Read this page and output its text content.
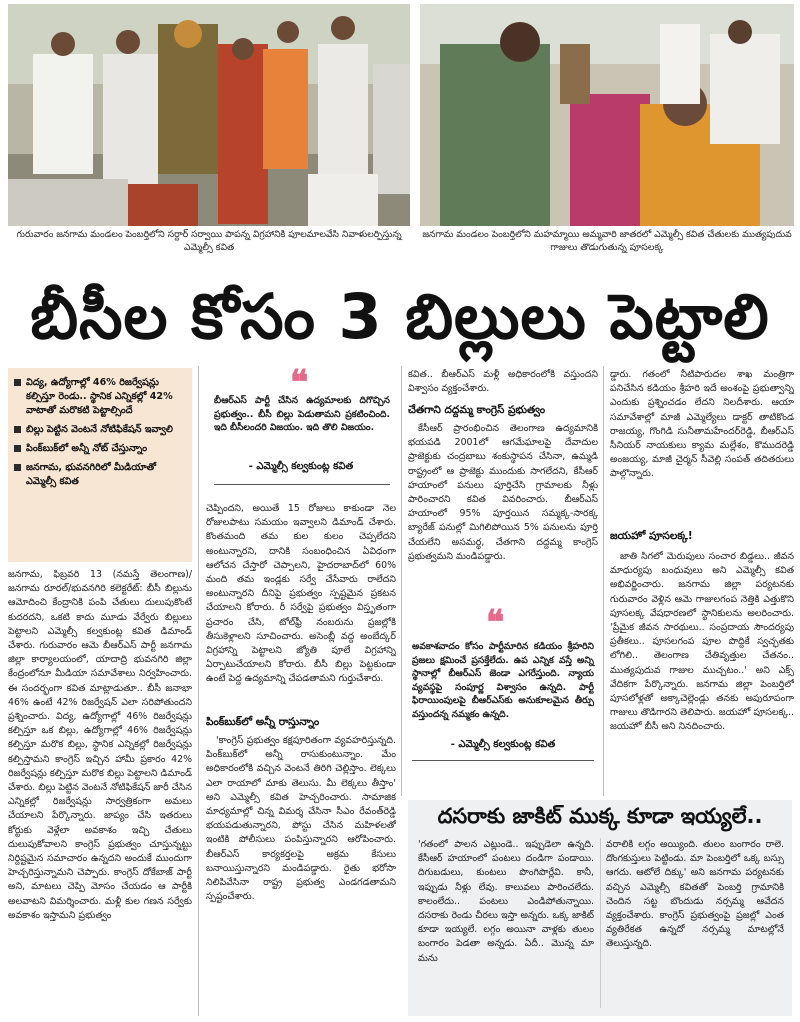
గురువారం జనగామ మండలం పెంబర్తిలోని సర్దార్ సర్వాయి పాపన్న విగ్రహానికి పూలమాలవేసి నివాళులర్పిస్తున్న ఎమ్మెల్సీ కవిత
జనగామ మండలం పెంబర్తిలోని మహమ్మాయి అమ్మవారి జాతరలో ఎమ్మెల్సీ కవిత చేతులకు ముత్యపుదువ గాజులు తొడుగుతున్న పూసలక్క
బీసీల కోసం 3 బిల్లులు పెట్టాలి
విద్య, ఉద్యోగాల్లో 46% రిజర్వేషన్లు కల్పిస్తూ రెండు.. స్థానిక ఎన్నికల్లో 42% వాటాతో మరొకటి పెట్టాల్సిందే
బిల్లు పెట్టిన వెంటనే నోటిఫికేషన్ ఇవ్వాలి
పింక్‌బుక్‌లో అన్నీ నోట్ చేస్తున్నాం
జనగామ, భువనగిరిలో మీడియాతో ఎమ్మెల్సీ కవిత

జనగామ, ఫిబ్రవరి 13 (నమస్తే తెలంగాణ)/జనగామ రూరల్/భువనగిరి కలెక్టరేట్: బీసీ బిల్లును ఆమోదించి కేంద్రానికి పంపి చేతులు దులుపుకొంటే కుదరదని, ఒకటి కాదు మూడు వేర్వేరు బిల్లులు పెట్టాలని ఎమ్మెల్సీ కల్వకుంట్ల కవిత డిమాండ్ చేశారు. గురువారం ఆమె బీఆర్‌ఎస్ పార్టీ జనగామ జిల్లా కార్యాలయంలో, యాదాద్రి భువనగిరి జిల్లా కేంద్రంలోనూ మీడియా సమావేశాలు నిర్వహించారు. ఈ సందర్భంగా కవిత మాట్లాడుతూ.. బీసీ జనాభా 46% ఉంటే 42% రిజర్వేషన్ ఎలా సరిపోతుందని ప్రశ్నించారు. విద్య, ఉద్యోగాల్లో 46% రిజర్వేషన్లు కల్పిస్తూ ఒక బిల్లు, ఉద్యోగాల్లో 46% రిజర్వేషన్లు కల్పిస్తూ మరొక బిల్లు, స్థానిక ఎన్నికల్లో రిజర్వేషన్లు కల్పిస్తామని కాంగ్రెస్ ఇచ్చిన హామీ ప్రకారం 42% రిజర్వేషన్లు కల్పిస్తూ మరొక బిల్లు పెట్టాలని డిమాండ్ చేశారు. బిల్లు పెట్టిన వెంటనే నోటిఫికేషన్ జారీ చేసిన ఎన్నికల్లో రిజర్వేషన్లు సార్వత్రికంగా అమలు చేయాలని పేర్కొన్నారు. జాప్యం చేసి ఇతరులు కోర్టుకు వెళ్లేలా అవకాశం ఇచ్చి చేతులు దులుపుకోవాలని కాంగ్రెస్ ప్రభుత్వం చూస్తున్నట్టు నిర్దిష్టమైన సమాచారం ఉన్నదని అందుకే ముందుగా హెచ్చరిస్తున్నామని చెప్పారు. కాంగ్రెస్ దోకేబాజ్ పార్టీ అని, మాటలు చెప్పి మోసం చేయడం ఆ పార్టీకి అలవాటని విమర్శించారు. మళ్లీ కుల గణన సర్వేకు అవకాశం ఇస్తామని ప్రభుత్వం

❝
బీఆర్‌ఎస్ పార్టీ చేసిన ఉద్యమాలకు దిగొచ్చిన ప్రభుత్వం.. బీసీ బిల్లు పెడుతామని ప్రకటించింది. ఇది బీసీలందరి విజయం. ఇది తొలి విజయం.
- ఎమ్మెల్సీ కల్వకుంట్ల కవిత

చెప్పిందని, అయితే 15 రోజులు కాకుండా నెల రోజులపాటు సమయం ఇవ్వాలని డిమాండ్ చేశారు. కొంతమంది తమ కుల కులం చెప్పలేదని అంటున్నారని, దానికి సంబంధించిన ఏవిధంగా ఆలోచన చేస్తారో చెప్పాలని, హైదరాబాద్‌లో 60% మంది తమ ఇండ్లకు సర్వే చేసేవారు రాలేదని అంటున్నారని దీనిపై ప్రభుత్వం స్పష్టమైన ప్రకటన చేయాలని కోరారు. రీ సర్వేపై ప్రభుత్వం విస్తృతంగా ప్రచారం చేసి, టోల్‌ఫ్రీ నంబరును ప్రజల్లోకి తీసుకెళ్లాలని సూచించారు. అసెంబ్లీ వద్ద అంబేద్కర్ విగ్రహాన్ని పెట్టాలని జ్యోతి పూలే విగ్రహాన్ని ఏర్పాటుచేయాలని కోరారు. బీసీ బిల్లు పెట్టకుండా ఉంటే పెద్ద ఉద్యమాన్ని చేపడతామని గుర్తుచేశారు.

పింక్‌బుక్‌లో అన్నీ రాస్తున్నాం

'కాంగ్రెస్ ప్రభుత్వం కక్షపూరితంగా వ్యవహరిస్తున్నది. పింక్‌బుక్‌లో అన్నీ రాసుకుంటున్నాం. మేం అధికారంలోకి వచ్చిన వెంటనే తిరిగి చెల్లిస్తాం. లెక్కలు ఎలా రాయాలో మాకు తెలుసు. మీ లెక్కలు తీస్తాం' అని ఎమ్మెల్సీ కవిత హెచ్చరించారు. సామాజిక మాధ్యమాల్లో చిన్న విమర్శ చేసినా సీఎం రేవంత్‌రెడ్డి భయపడుతున్నారని, పోస్టు చేసిన మహిళలతో ఇంటికి పోలీసులు పంపిస్తున్నారని ఆరోపించారు. బీఆర్‌ఎస్ కార్యకర్తలపై అక్రమ కేసులు బనాయిస్తున్నారని మండిపడ్డారు. రైతు భరోసా నిలిపివేసినా రాష్ట్ర ప్రభుత్వ ఎండగడతామని స్పష్టంచేశారు.

కవిత.. బీఆర్‌ఎస్ మళ్లీ అధికారంలోకి వస్తుందని విశ్వాసం వ్యక్తంచేశారు.

చేతగాని దద్దమ్మ కాంగ్రెస్ ప్రభుత్వం

కేసీఆర్ ప్రారంభించిన తెలంగాణ ఉద్యమానికి భయపడి 2001లో ఆగమేఘాలపై దేవాదుల ప్రాజెక్టుకు చంద్రబాబు శంకుస్థాపన చేసినా, ఉమ్మడి రాష్ట్రంలో ఆ ప్రాజెక్టు ముందుకు సాగలేదని, కేసీఆర్ హయాంలో పనులు పూర్తిచేసి గ్రామాలకు నీళ్లు పారించారని కవిత వివరించారు. బీఆర్‌ఎస్ హయాంలో 95% పూర్తయిన సమ్మక్క-సారక్క బ్యారేజ్ పనుల్లో మిగిలిపోయిన 5% పనులను పూర్తి చేయలేని అసమర్థ, చేతగాని దద్దమ్మ కాంగ్రెస్ ప్రభుత్వమని మండిపడ్డారు.

❝
అవకాశవాదం కోసం పార్టీమారిన కడియం శ్రీహరిని ప్రజలు క్షమించే ప్రసక్తేలేదు. ఉప ఎన్నిక వస్తే అన్ని స్థానాల్లో బీఆర్‌ఎస్ జెండా ఎగరేస్తుంది. న్యాయ వ్యవస్థపై సంపూర్ణ విశ్వాసం ఉన్నది. పార్టీ ఫిరాయింపులపై బీఆర్‌ఎస్‌కు అనుకూలమైన తీర్పు వస్తుందన్న నమ్మకం ఉన్నది.
- ఎమ్మెల్సీ కల్వకుంట్ల కవిత

డ్డారు. గతంలో నీటిపారుదల శాఖ మంత్రిగా పనిచేసిన కడియం శ్రీహరి ఇదే అంశంపై ప్రభుత్వాన్ని ఎందుకు ప్రశ్నించడం లేదని నిలదీశారు. ఆయా సమావేశాల్లో మాజీ ఎమ్మెల్యేలు డాక్టర్ తాటికొండ రాజయ్య, గొంగిడి సునీతామహేందర్‌రెడ్డి, బీఆర్‌ఎస్ సీనియర్ నాయకులు క్యామ మల్లేశం, కొముదరెడ్డి అంజయ్య, మాజీ చైర్మన్ సీవెల్లి సంపత్ తదితరులు పాల్గొన్నారు.

జయహో పూసలక్క!

జాతి సిగలో మెరుపులు సంచార బిడ్డలు.. జీవన మాధుర్యపు బంధువులు అని ఎమ్మెల్సీ కవిత అభివర్ణించారు. జనగామ జిల్లా పర్యటనకు గురువారం వెళ్లిన ఆమె గాజులగంప నెత్తికి ఎత్తుకొని పూసలక్క వేషధారణలో స్థానికులను అలరించారు. 'ప్రేమైక జీవన సారథులు.. సంప్రదాయ సౌందర్యపు ప్రతీకలు.. పూసలగంప పూల పొద్దికే స్వచ్ఛతకు లోగిలి.. తెలంగాణ చేతివృత్తుల చేతనం.. ముత్యపుదువ గాజుల ముచ్చటం..' అని ఎక్స్ వేదికగా పేర్కొన్నారు. జనగామ జిల్లా పెంబర్తిలో పూసలోళ్లతో అక్కాచెల్లెండ్లు తనకు అపురూపంగా గాజులు తొడిగారని తెలిపారు. జయహో పూసలక్క.. జయహో బీసీ అని నినదించారు.

దసరాకు జాకిట్ ముక్క కూడా ఇయ్యలే..
'గతంలో పాలన ఎట్లుండె.. ఇప్పుడెలా ఉన్నది. కేసీఆర్ హయాంలో పంటలు దండిగా పండాయి. దిగుబడులు, కుంటలు పొంగిపొర్లేవి. కానీ, ఇప్పుడు నీళ్లు లేవు. కాలువలు పారించలేదు. కాలంలేదు.. పంటలు ఎండిపోతున్నాయి. దసరాకు రెండు చీరలు ఇస్తా అన్నరు. ఒక్క జాకిట్ కూడా ఇయ్యలే. లగ్గం అయినా వాళ్లకు తులం బంగారం పెడతా అన్నడు. ఏదీ.. మొన్న మా మను
వరాలికి లగ్గం అయ్యింది. తులం బంగారం రాలె. దొంగకుస్తులు పెట్టిండు. మా పెంబర్తిలో ఒక్క బస్సు ఆగదు. ఆటోలే దిక్కు' అని జనగామ పర్యటనకు వచ్చిన ఎమ్మెల్సీ కవితతో పెంబర్తి గ్రామానికి చెందిన సట్ట బొందుడు నర్సమ్మ ఆవేదన వ్యక్తంచేశారు. కాంగ్రెస్ ప్రభుత్వంపై ప్రజల్లో ఎంత వ్యతిరేకత ఉన్నదో నర్సమ్మ మాటల్లోనే తెలుస్తున్నది.
